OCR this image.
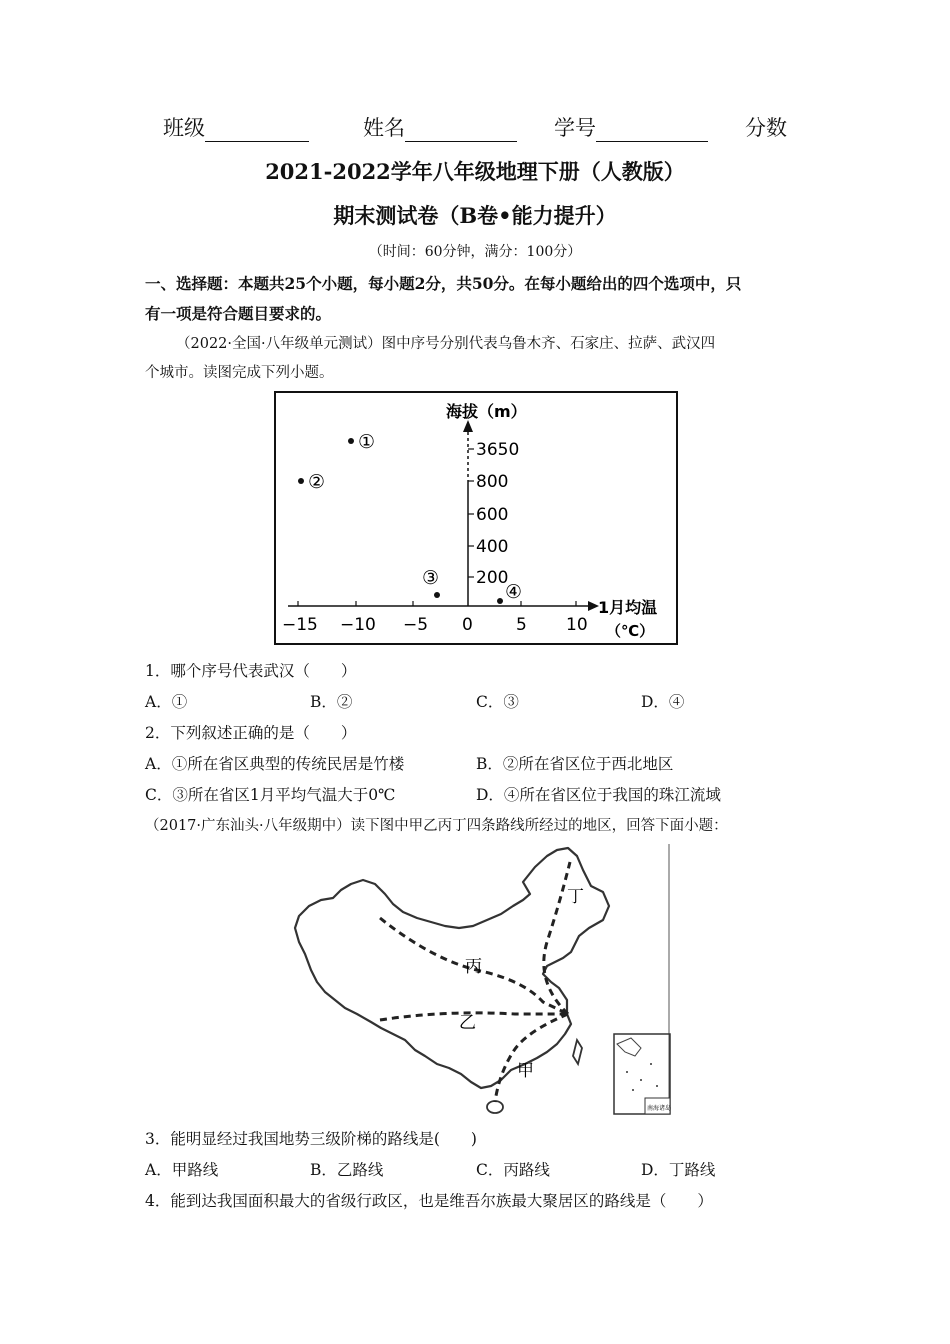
班级	姓名	学号	分数
2021-2022学年八年级地理下册（人教版）
期末测试卷（B卷•能力提升）
（时间：60分钟，满分：100分）
一、选择题：本题共25个小题，每小题2分，共50分。在每小题给出的四个选项中，只
有一项是符合题目要求的。
（2022·全国·八年级单元测试）图中序号分别代表乌鲁木齐、石家庄、拉萨、武汉四
个城市。读图完成下列小题。
3650
800
600
400
200
−15 −10 −5 0	5 10
海拔（m）
1月均温
（℃）
①
②
③
④
1．哪个序号代表武汉（　　）
A．①	B．②	C．③	D．④
2．下列叙述正确的是（　　）
A．①所在省区典型的传统民居是竹楼	B．②所在省区位于西北地区
C．③所在省区1月平均气温大于0℃	D．④所在省区位于我国的珠江流域
（2017·广东汕头·八年级期中）读下图中甲乙丙丁四条路线所经过的地区，回答下面小题：
丁
丙
乙
甲
南海诸岛
3．能明显经过我国地势三级阶梯的路线是(　　)
A．甲路线	B．乙路线	C．丙路线	D．丁路线
4．能到达我国面积最大的省级行政区，也是维吾尔族最大聚居区的路线是（　　）
